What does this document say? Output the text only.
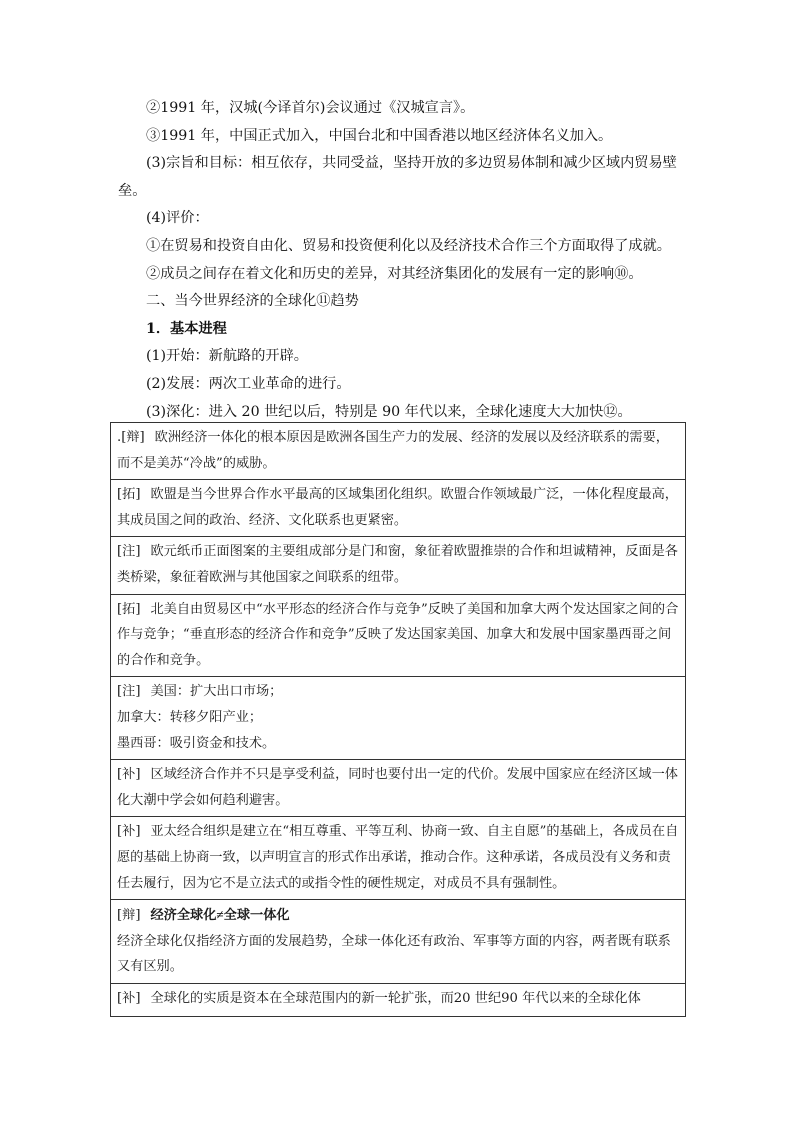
②1991 年，汉城(今译首尔)会议通过《汉城宣言》。

③1991 年，中国正式加入，中国台北和中国香港以地区经济体名义加入。

(3)宗旨和目标：相互依存，共同受益，坚持开放的多边贸易体制和减少区域内贸易壁垒。

(4)评价：

①在贸易和投资自由化、贸易和投资便利化以及经济技术合作三个方面取得了成就。

②成员之间存在着文化和历史的差异，对其经济集团化的发展有一定的影响⑩。

二、当今世界经济的全球化⑪趋势

1．基本进程

(1)开始：新航路的开辟。

(2)发展：两次工业革命的进行。

(3)深化：进入 20 世纪以后，特别是 90 年代以来，全球化速度大大加快⑫。

.[辩] 欧洲经济一体化的根本原因是欧洲各国生产力的发展、经济的发展以及经济联系的需要，而不是美苏“冷战”的威胁。
[拓] 欧盟是当今世界合作水平最高的区域集团化组织。欧盟合作领域最广泛，一体化程度最高，其成员国之间的政治、经济、文化联系也更紧密。
[注] 欧元纸币正面图案的主要组成部分是门和窗，象征着欧盟推崇的合作和坦诚精神，反面是各类桥梁，象征着欧洲与其他国家之间联系的纽带。
[拓] 北美自由贸易区中“水平形态的经济合作与竞争”反映了美国和加拿大两个发达国家之间的合作与竞争；“垂直形态的经济合作和竞争”反映了发达国家美国、加拿大和发展中国家墨西哥之间的合作和竞争。
[注] 美国：扩大出口市场；
加拿大：转移夕阳产业；
墨西哥：吸引资金和技术。
[补] 区域经济合作并不只是享受利益，同时也要付出一定的代价。发展中国家应在经济区域一体化大潮中学会如何趋利避害。
[补] 亚太经合组织是建立在“相互尊重、平等互利、协商一致、自主自愿”的基础上，各成员在自愿的基础上协商一致，以声明宣言的形式作出承诺，推动合作。这种承诺，各成员没有义务和责任去履行，因为它不是立法式的或指令性的硬性规定，对成员不具有强制性。
[辩] 经济全球化≠全球一体化
经济全球化仅指经济方面的发展趋势，全球一体化还有政治、军事等方面的内容，两者既有联系又有区别。
[补] 全球化的实质是资本在全球范围内的新一轮扩张，而20 世纪90 年代以来的全球化体
